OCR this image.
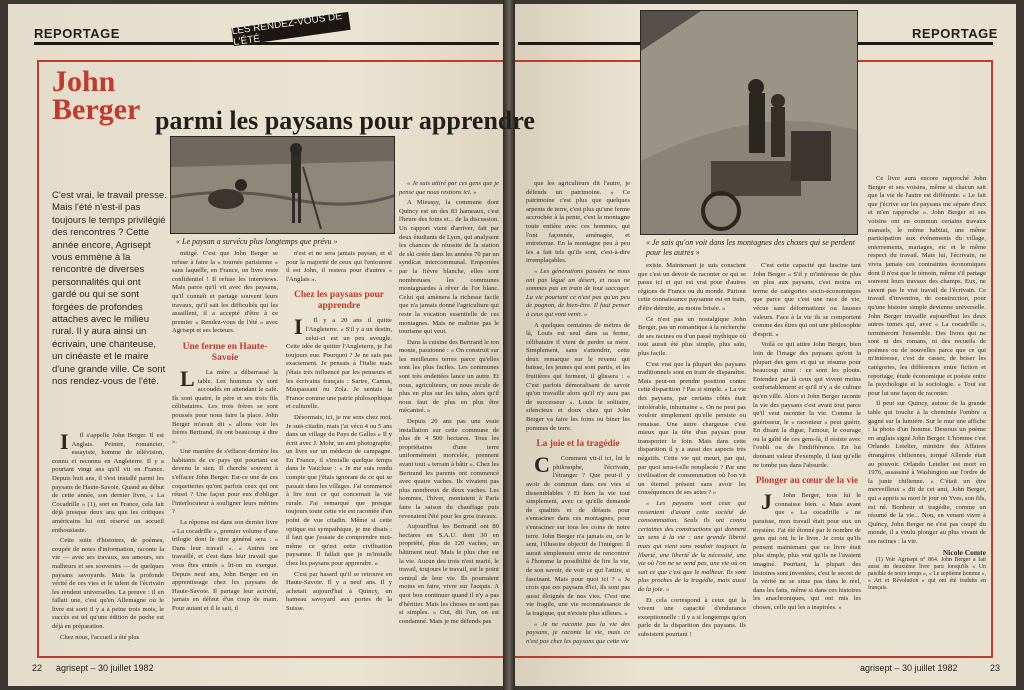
REPORTAGE	REPORTAGE
LES RENDEZ-VOUS DE L'ÉTÉ
John Berger parmi les paysans pour apprendre
« Le paysan a survécu plus longtemps que prévu »	« Je sais qu'on voit dans les montagnes des choses qui se perdent pour les autres »
C'est vrai, le travail presse. Mais l'été n'est-il pas toujours le temps privilégié des rencontres ? Cette année encore, Agrisept vous emmène à la rencontre de diverses personnalités qui ont gardé ou qui se sont forgées de profondes attaches avec le milieu rural. Il y aura ainsi un écrivain, une chanteuse, un cinéaste et le maire d'une grande ville. Ce sont nos rendez-vous de l'été.

I Il s'appelle John Berger. Il est Anglais. Peintre, romancier, essayiste, homme de télévision, connu et reconnu en Angleterre. Il y a pourtant vingt ans qu'il vit en France. Depuis huit ans, il s'est installé parmi les paysans de Haute-Savoie. Quand au début de cette année, son dernier livre, « La Cocadrille » (1), sort en France, cela fait déjà presque deux ans que les critiques américains lui ont réservé un accueil enthousiaste.

Cette suite d'histoires, de poèmes, coupée de notes d'information, raconte la vie — avec ses travaux, ses amours, ses malheurs et ses souvenirs — de quelques paysans savoyards. Mais la profonde vérité de ces vies et le talent de l'écrivain les rendent universelles. La preuve : il en fallait une, c'est qu'en Allemagne où le livre est sorti il y a à peine trois mois, le succès est tel qu'une édition de poche est déjà en préparation.

Chez nous, l'accueil a été plus

mitigé. C'est que John Berger se refuse à faire la « tournée parisienne » sans laquelle, en France, un livre reste confidentiel ! Il refuse les interviews. Mais parce qu'il vit avec des paysans, qu'il connaît et partage souvent leurs travaux, qu'il sait les difficultés qui les assaillent, il a accepté d'être à ce premier « Rendez-vous de l'été » avec Agrisept et ses lecteurs.

Une ferme en Haute-Savoie

L La mère a débarrassé la table. Les hommes s'y sont accoudés en attendant le café. Ils sont quatre, le père et ses trois fils célibataires. Les trois frères se sont poussés pour nous faire la place. John Berger m'avait dit « allons voir les frères Bertrand, ils ont beaucoup à dire ».

Une manière de s'effacer derrière les habitants de ce pays qui pourtant est devenu le sien. Il cherche souvent à s'effacer John Berger. Est-ce une de ces coquetteries qu'ont parfois ceux qui ont réussi ? Une façon pour eux d'obliger l'interlocuteur à souligner leurs mérites ?

La réponse est dans son dernier livre « La cocadrille », premier volume d'une trilogie dont le titre général sera : « Dans leur travail ». « Autres ont travaillé, et c'est dans leur travail que vous êtes entrés » lit-on en exergue. Depuis neuf ans, John Berger est en apprentissage chez les paysans de Haute-Savoie. Il partage leur activité, jamais en défaut d'un coup de main. Pour autant et il le sait, il

n'est et ne sera jamais paysan, et si pour la majorité de ceux qui l'entourent il est John, il restera pour d'autres « l'Anglais ».

Chez les paysans pour apprendre

I Il y a 20 ans il quitte l'Angleterre. « S'il y a un destin, celui-ci est un peu aveugle. Cette idée de quitter l'Angleterre, je l'ai toujours eue. Pourquoi ? Je ne sais pas exactement. Je pensais à l'Italie mais j'étais très influencé par les penseurs et les écrivains français : Sartre, Camus, Maupassant ou Zola. Je sentais la France comme une patrie philosophique et culturelle.

Désormais, ici, je me sens chez moi. Je suis citadin, mais j'ai vécu 4 ou 5 ans dans un village du Pays de Galles » Il y écrit avec J. Mohr, un ami photographe, un livre sur un médecin de campagne. En France, il s'installe quelque temps dans le Vaucluse : « Je me suis rendu compte que j'étais ignorant de ce qui se passait dans les villages. J'ai commencé à lire tout ce qui concernait la vie rurale. J'ai remarqué que presque toujours toute cette vie est racontée d'un point de vue citadin. Même si cette optique est sympathique, je me disais : il faut que j'essaie de comprendre moi-même ce qu'est cette civilisation paysanne. Il fallait que je m'installe chez les paysans pour apprendre. »

C'est par hasard qu'il se retrouve en Haute-Savoie. Il y a neuf ans. Il y achetait aujourd'hui à Quincy, un hameau savoyard aux portes de la Suisse.

« Je suis attiré par ces gens que je pense que nous restions ici. »

A Mieussy, la commune dont Quincy est un des 83 hameaux, c'est l'heure des foins et... de la discussion. Un rapport vient d'arriver, fait par deux étudiants de Lyon, qui analysent les chances de réussite de la station de ski créée dans les années 70 par un syndicat intercommunal. Emportées par la fièvre blanche, elles sont nombreuses les communes montagnardes à rêver de l'or blanc. Celui qui amènera la richesse facile que n'a jamais donné l'agriculture qui reste la vocation essentielle de ces montagnes. Mais ne maîtrise pas le tourisme qui veut.

Dans la cuisine des Bertrand le ton monte, passionné : « On construit sur les meilleures terres parce qu'elles sont les plus faciles. Les communes sont très endettées lance un autre. Et nous, agriculteurs, on nous recule de plus en plus sur les talus, alors qu'il nous faut de plus en plus être mécanisé. »

Depuis 20 ans pas une vraie installation sur cette commune de plus de 4 500 hectares. Tous les propriétaires d'une terre uniformément morcelée, prennent avant tout « terrain à bâtir ». Chez les Bertrand les parents ont commencé avec quatre vaches. Ils vivaient pas plus nombreux de deux vaches. Les hommes, l'hiver, montaient à Paris faire la saison du chauffage puis revenaient l'été pour les gros travaux.

Aujourd'hui les Bertrand ont 80 hectares en S.A.U. dont 30 en propriété, plus de 120 vaches, un bâtiment neuf. Mais le plus cher est la vie. Aucun des trois n'est marié, le travail, toujours le travail, est le point central de leur vie. Ils pourraient moins en faire, vivre sur l'acquis. A quoi bon continuer quand il n'y a pas d'héritier. Mais les choses ne sont pas si simples. « Oui, dit l'un, on est condamné. Mais je me défends pas

que les agriculteurs dit l'autre, je défends un patrimoine. » Ce patrimoine c'est plus que quelques arpents de terre, c'est plus qu'une ferme accrochée à la pente, c'est la montagne toute entière avec ces hommes, qui l'ont façonnée, aménagée, et entretenue. En la montagne peu à peu les a fait tels qu'ils sont, c'est-à-dire irremplaçables.

« Les générations passées ne nous ont pas légué un désert, et nous ne sommes pas en train de tout saccager. La vie pourtant ce n'est pas qu'un peu de pognon, de bien-être. Il faut penser à ceux qui vont venir. »

A quelques centaines de mètres de là, Louis est seul dans sa ferme, célibataire il vient de perdre sa mère. Simplement, sans s'attendrir, cette deux remarque sur le revenu qui baisse, les jeunes qui sont partis, et les fruitières qui ferment, il glissera : « C'est parfois démoralisant de savoir qu'on travaille alors qu'il n'y aura pas de successeur ». Louis le solitaire, silencieux et doux chez qui John Berger va faire les foins ou biner les pommes de terre.

La joie et la tragédie

C Comment vit-il ici, lui le philosophe, l'écrivain, l'étranger ? Que peut-il y avoir de commun dans ces vies si dissemblables ? Et bien la vie tout simplement, avec ce qu'elle demande de qualités et de défauts pour s'enraciner dans ces montagnes, pour s'enraciner sur tous les coins de notre terre. John Berger n'a jamais eu, on le sent, l'illusoire objectif de l'intégrer. Il aurait simplement envie de rencontrer à l'homme la possibilité de lire la vie, de son savoir, de voir ce qui l'attire, si fascinant. Mais pour quoi ici ? « Je crois que ces paysans d'ici, ils sont pas aussi éloignés de nos vies. C'est une vie fragile, une vie reconnaissance de la tragique, qui n'existe plus ailleurs. »

« Je ne raconte pas la vie des paysans, je raconte la vie, mais ce n'est pas chez les paysans que cette vie

existe. Maintenant je suis conscient que c'est un devoir de raconter ce qui se passe ici et qui est vrai pour d'autres régions de France ou du monde. Partout cette connaissance paysanne est en train, d'être détruite, au moins brisée. »

Ce n'est pas un nostalgique John Berger, pas un romantique à la recherche de ses racines ou d'un passé mythique où tout aurait été plus simple, plus sain, plus facile.

C'est vrai que la plupart des paysans traditionnels sont en train de disparaître. Mais peut-on prendre position contre cette disparition ? Pas si simple. « La vie des paysans, par certains côtés était intolérable, inhumaine ». On ne peut pas vouloir simplement qu'elle persiste ou renaisse. Une autre chargeuse c'est mieux que la tête d'un paysan pour transporter le foin. Mais dans cette disparition il y a aussi des aspects très négatifs. Cette vie qui meurt, par qui, par quoi sera-t-elle remplacée ? Par une civilisation de consommation où l'on vit un éternel présent sans avoir les conséquences de ses actes ? »

« Les paysans sont ceux qui ressentent d'avant cette société de consommation. Seuls ils ont connu certaines des constructions qui donnent un sens à la vie : une grande liberté mais qui vient sans vouloir toujours la liberté, une liberté de la nécessité, une vie où l'on ne se vend pas, une vie où on sait ce que c'est que le malheur. Ils sont plus proches de la tragédie, mais aussi de la joie. »

Et cela correspond à ceux qui la vivent une capacité d'endurance exceptionnelle : il y a si longtemps qu'on parle de la disparition des paysans. Ils subsistent pourtant !

C'est cette capacité qui fascine tant John Berger « S'il y m'intéresse de plus en plus aux paysans, c'est moins en terme de catégories socio-économiques que parce que c'est une race de vie, vécue sans déformations ou fausses valeurs. Face à la vie ils se comportent comme des êtres qui ont une philosophie d'esprit. »

Voilà ce qui attire John Berger, bien loin de l'image des paysans qu'ont la plupart des gens et qui se résume pour beaucoup ainsi : ce sont les plouts. Entendez par là ceux qui vivent moins confortablement et qu'il n'y a de culture qu'en ville. Alors si John Berger raconte la vie des paysans c'est avant tout parce qu'il veut raconter la vie. Comme le guérisseur, le « raconteur » peut guérir. En disant la digue, l'amour, le courage ou la gaîté de ces gens-là, il résiste avec l'oubli ou de l'indifférence. En lui donnant valeur d'exemple, il faut qu'elle ne tombe pas dans l'absurde.

Plonger au cœur de la vie

J John Berger, tous lui le connaisse bien. « Mais avant que « La cocadrille » ne paraisse, mon travail était pour eux un mystère. J'ai été étonné par le nombre de gens qui ont lu le livre. Je crois qu'ils pensent maintenant que ce livre était plus simple, plus vrai qu'ils ne l'avaient imaginé. Pourtant, la plupart des histoires sont inventées, c'est le secret de la vérité ne se situe pas dans le réel, dans les faits, même si dans ces histoires les anachroniques, qui ont mis les choses, celle qui les a inspirées. »

Ce livre aura encore rapproché John Berger et ses voisins, même si chacun sait que la vie de l'autre est différente. « Le fait que j'écrive sur les paysans me sépare d'eux et m'en rapproche ». John Berger et ses voisins ont en commun certains travaux manuels, le même habitat, une même participation aux événements du village, enterrements, mariages, etc et le même respect du travail. Mais lui, l'écrivain, ne vivra jamais ces contraintes économiques dont il n'est que le témoin, même s'il partage souvent leurs travaux des champs. Eux, ne savent pas le vrai travail de l'écrivain. Ce travail d'invention, de construction, pour qu'une histoire simple devienne universelle. John Berger travaille aujourd'hui les deux autres tomes qui, avec « La cocadrille », termineront l'ensemble. Des livres qui ne sont ni des romans, ni des recueils de poèmes ou de nouvelles parce que ce qui m'intéresse, c'est de casser, de briser les catégories, les différences entre fiction et reportage, étude économique et poésie entre la psychologie et la sociologie. » Tout est pour lui une façon de raconter.

Il peut sur Quincy, autour de la grande table qui touche à la cheminée l'ombre a gagné sur la lumière. Sur le mur une affiche : la photo d'un homme. Dessous un poème en anglais signé John Berger. L'homme c'est Orlando Letelier, ministre des Affaires étrangères chiliennes, torqué Allende était au pouvoir. Orlando Letelier est mort en 1976, assassiné à Washington sur l'ordre de la junte chilienne. « C'était un être merveilleux » dit de cet ami, John Berger, qui a appris sa mort le jour où Yves, son fils, est né. Bonheur et tragédie, comme un résumé de la vie... Non, en venant vivre à Quincy, John Berger ne s'est pas coupé du monde, il a voulu plonger au plus vivant de ses racines : la vie.

Nicole Comte

(1) Voir Agrisept n° 864. John Berger a fait aussi un deuxième livre paru lorsqu'ils « Un paisible de notre temps », « Le septième homme », « Art et Révolution » qui ont été traduits en français.

22 agrisept – 30 juillet 1982	agrisept – 30 juillet 1982	23
